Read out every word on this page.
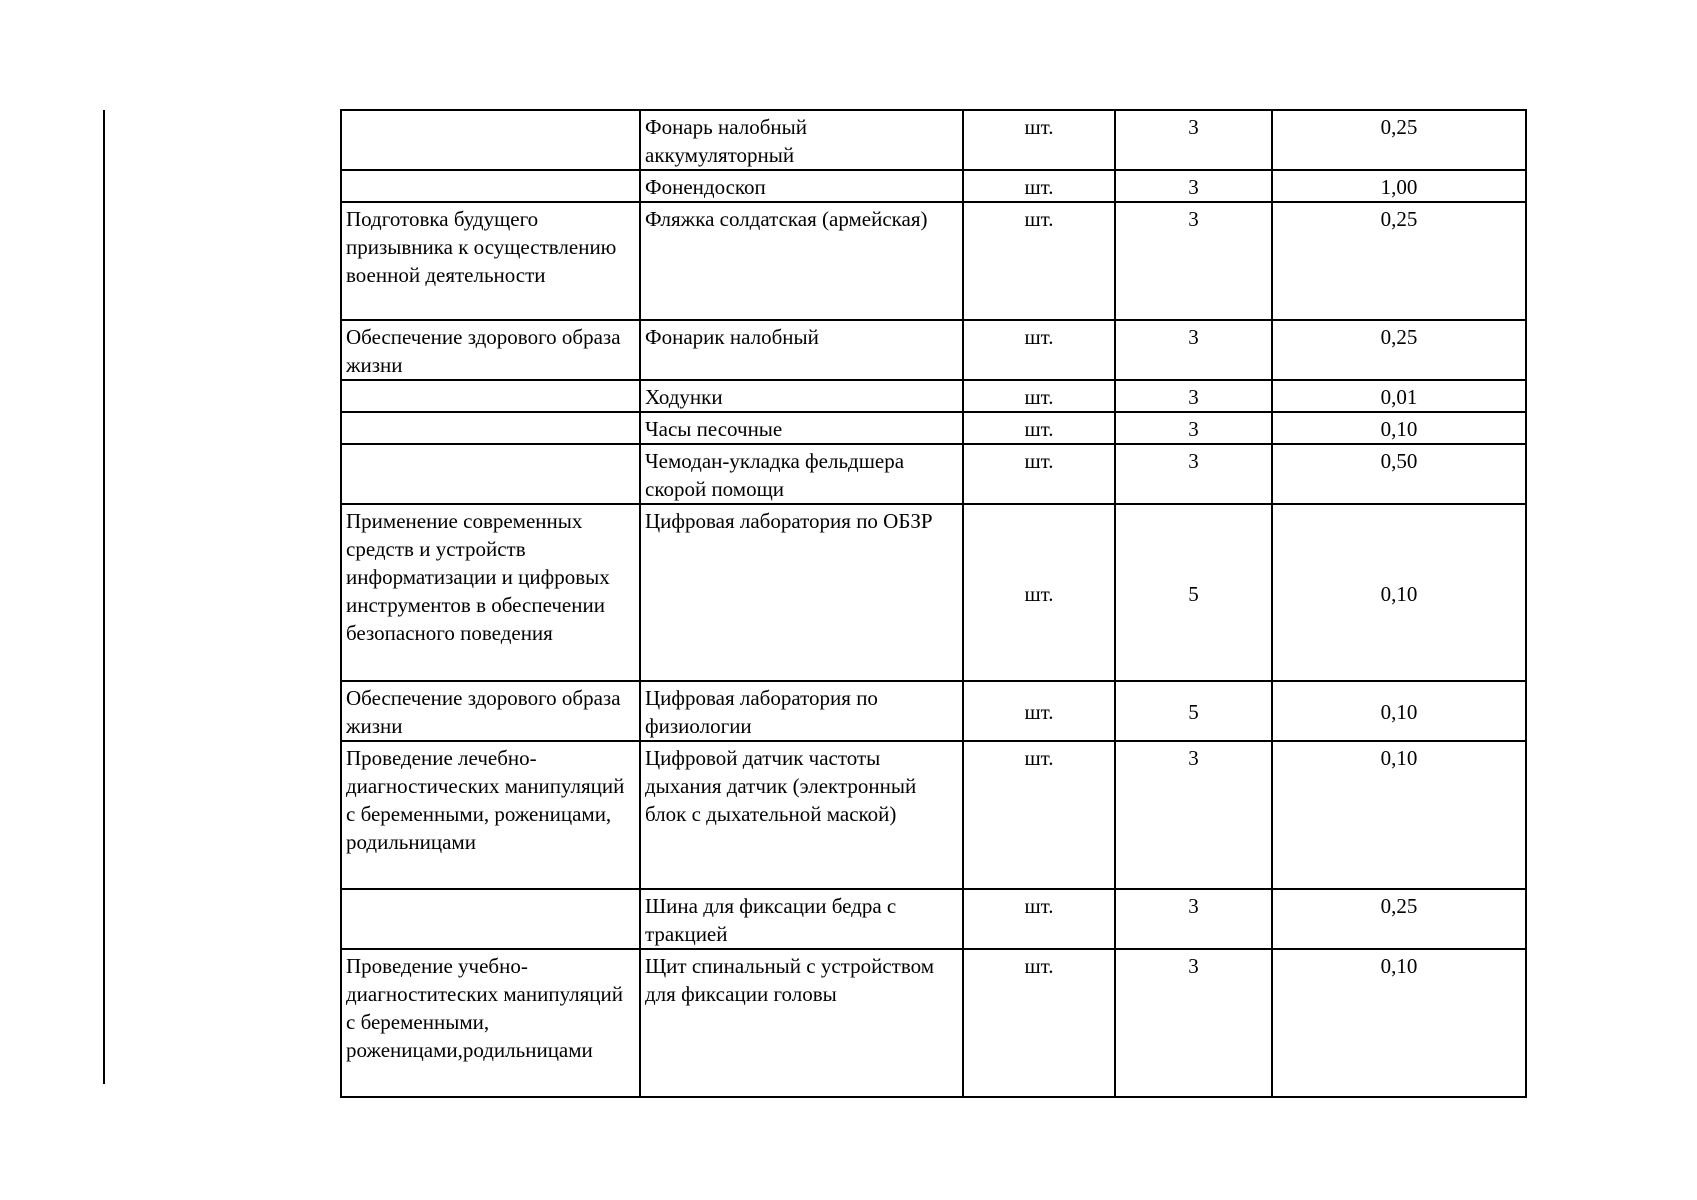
	Фонарь налобный аккумуляторный	шт.	3	0,25
	Фонендоскоп	шт.	3	1,00
Подготовка будущего призывника к осуществлению военной деятельности	Фляжка солдатская (армейская)	шт.	3	0,25
Обеспечение здорового образа жизни	Фонарик налобный	шт.	3	0,25
	Ходунки	шт.	3	0,01
	Часы песочные	шт.	3	0,10
	Чемодан-укладка фельдшера скорой помощи	шт.	3	0,50
Применение современных средств и устройств информатизации и цифровых инструментов в обеспечении безопасного поведения	Цифровая лаборатория по ОБЗР	шт.	5	0,10
Обеспечение здорового образа жизни	Цифровая лаборатория по физиологии	шт.	5	0,10
Проведение лечебно-диагностических манипуляций с беременными, роженицами, родильницами	Цифровой датчик частоты дыхания датчик (электронный блок с дыхательной маской)	шт.	3	0,10
	Шина для фиксации бедра с тракцией	шт.	3	0,25
Проведение учебно-диагноститеских манипуляций с беременными, роженицами,родильницами	Щит спинальный с устройством для фиксации головы	шт.	3	0,10
